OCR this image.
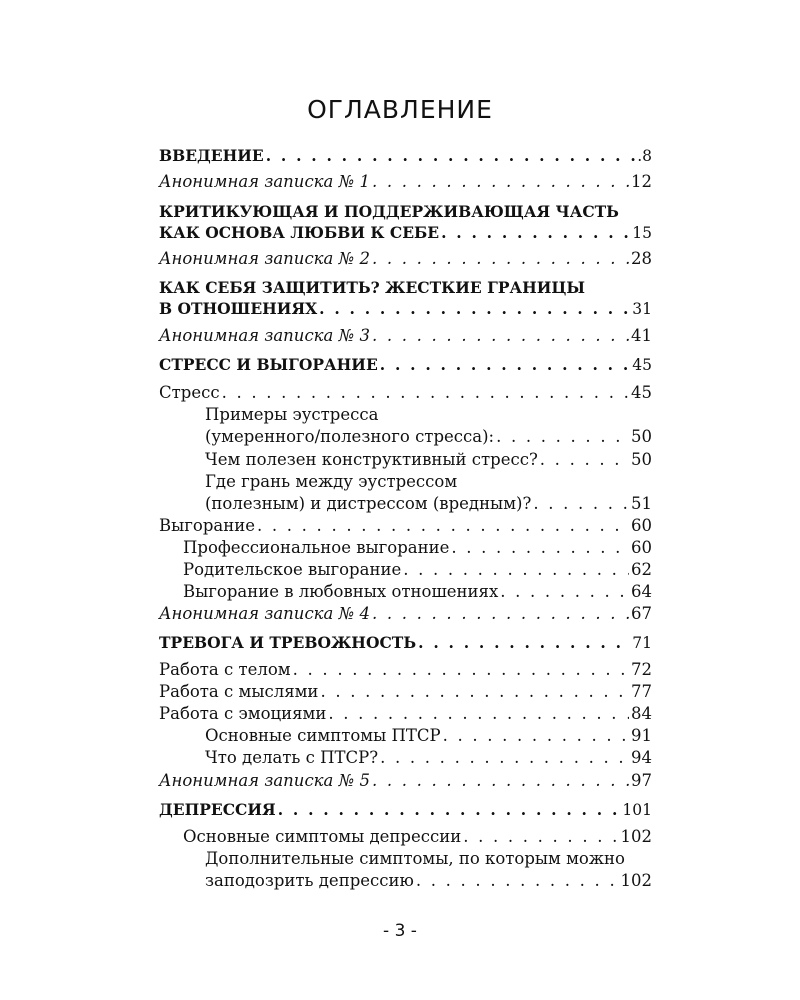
ОГЛАВЛЕНИЕ
ВВЕДЕНИЕ . . .	.8
Анонимная записка № 1 . . .	12
КРИТИКУЮЩАЯ И ПОДДЕРЖИВАЮЩАЯ ЧАСТЬ
КАК ОСНОВА ЛЮБВИ К СЕБЕ . . .	15
Анонимная записка № 2 . . .	28
КАК СЕБЯ ЗАЩИТИТЬ? ЖЕСТКИЕ ГРАНИЦЫ
В ОТНОШЕНИЯХ . . .	31
Анонимная записка № 3 . . .	41
СТРЕСС И ВЫГОРАНИЕ . . .	45
Стресс . . .	45
Примеры эустресса
(умеренного/полезного стресса): . . .	50
Чем полезен конструктивный стресс? . . .	50
Где грань между эустрессом
(полезным) и дистрессом (вредным)? . . .	51
Выгорание . . .	60
Профессиональное выгорание . . .	60
Родительское выгорание . . .	62
Выгорание в любовных отношениях . . .	64
Анонимная записка № 4 . . .	67
ТРЕВОГА И ТРЕВОЖНОСТЬ . . .	71
Работа с телом . . .	72
Работа с мыслями . . .	77
Работа с эмоциями . . .	84
Основные симптомы ПТСР . . .	91
Что делать с ПТСР? . . .	94
Анонимная записка № 5 . . .	97
ДЕПРЕССИЯ . . .	101
Основные симптомы депрессии . . .	102
Дополнительные симптомы, по которым можно
заподозрить депрессию . . .	102
- 3 -
